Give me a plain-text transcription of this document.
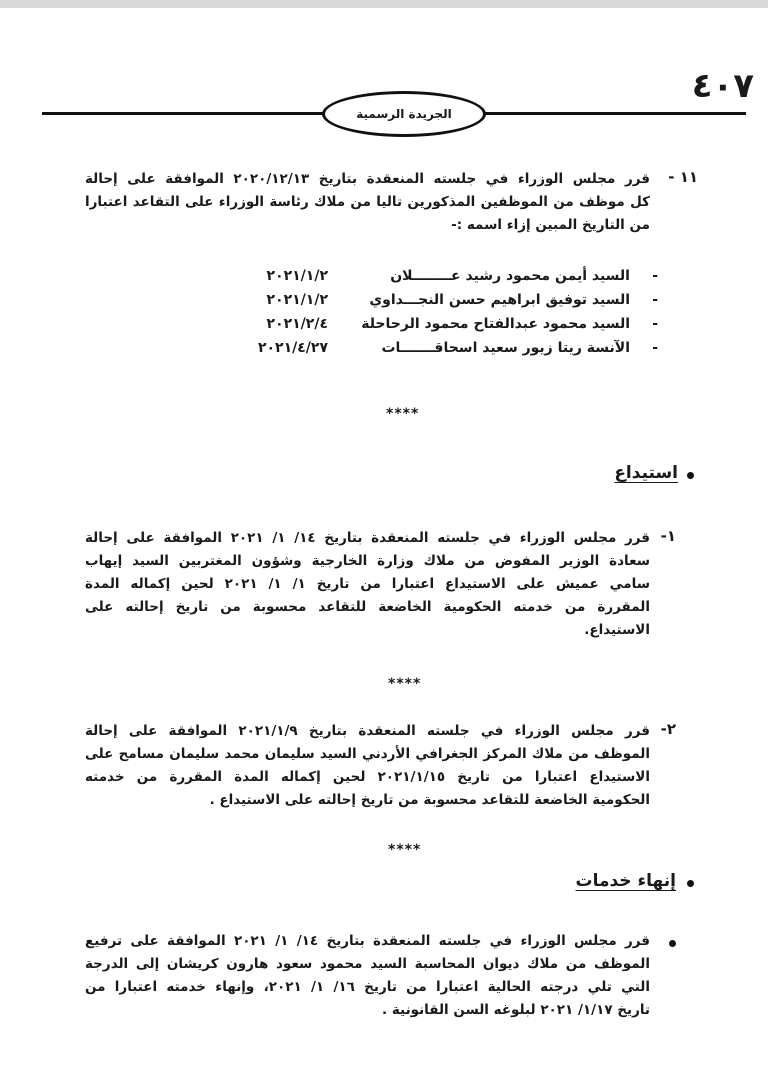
٤٠٧
الجريدة الرسمية
١١ -
قرر مجلس الوزراء في جلسته المنعقدة بتاريخ ٢٠٢٠/١٢/١٣ الموافقة على إحالة
كل موظف من الموظفين المذكورين تاليا من ملاك رئاسة الوزراء على التقاعد اعتبارا
من التاريخ المبين إزاء اسمه :-
-
السيد أيمن محمود رشيد عــــــــلان
٢٠٢١/١/٢
-
السيد توفيق ابراهيم حسن النجـــداوي
٢٠٢١/١/٢
-
السيد محمود عبدالفتاح محمود الرحاحلة
٢٠٢١/٢/٤
-
الآنسة ريتا زيور سعيد اسحاقـــــــات
٢٠٢١/٤/٢٧
****
استيداع
١-
قرر مجلس الوزراء في جلسته المنعقدة بتاريخ ١٤/ ١/ ٢٠٢١ الموافقة على إحالة
سعادة الوزير المفوض من ملاك وزارة الخارجية وشؤون المغتربين السيد إيهاب
سامي عميش على الاستيداع اعتبارا من تاريخ ١/ ١/ ٢٠٢١ لحين إكماله المدة
المقررة من خدمته الحكومية الخاضعة للتقاعد محسوبة من تاريخ إحالته على
الاستيداع.
****
٢-
قرر مجلس الوزراء في جلسته المنعقدة بتاريخ ٢٠٢١/١/٩ الموافقة على إحالة
الموظف من ملاك المركز الجغرافي الأردني السيد سليمان محمد سليمان مسامح على
الاستيداع اعتبارا من تاريخ ٢٠٢١/١/١٥ لحين إكماله المدة المقررة من خدمته
الحكومية الخاضعة للتقاعد محسوبة من تاريخ إحالته على الاستيداع .
****
إنهاء خدمات
قرر مجلس الوزراء في جلسته المنعقدة بتاريخ ١٤/ ١/ ٢٠٢١ الموافقة على ترفيع
الموظف من ملاك ديوان المحاسبة السيد محمود سعود هارون كريشان إلى الدرجة
التي تلي درجته الحالية اعتبارا من تاريخ ١٦/ ١/ ٢٠٢١، وإنهاء خدمته اعتبارا من
تاريخ ١/١٧/ ٢٠٢١ لبلوغه السن القانونية .
